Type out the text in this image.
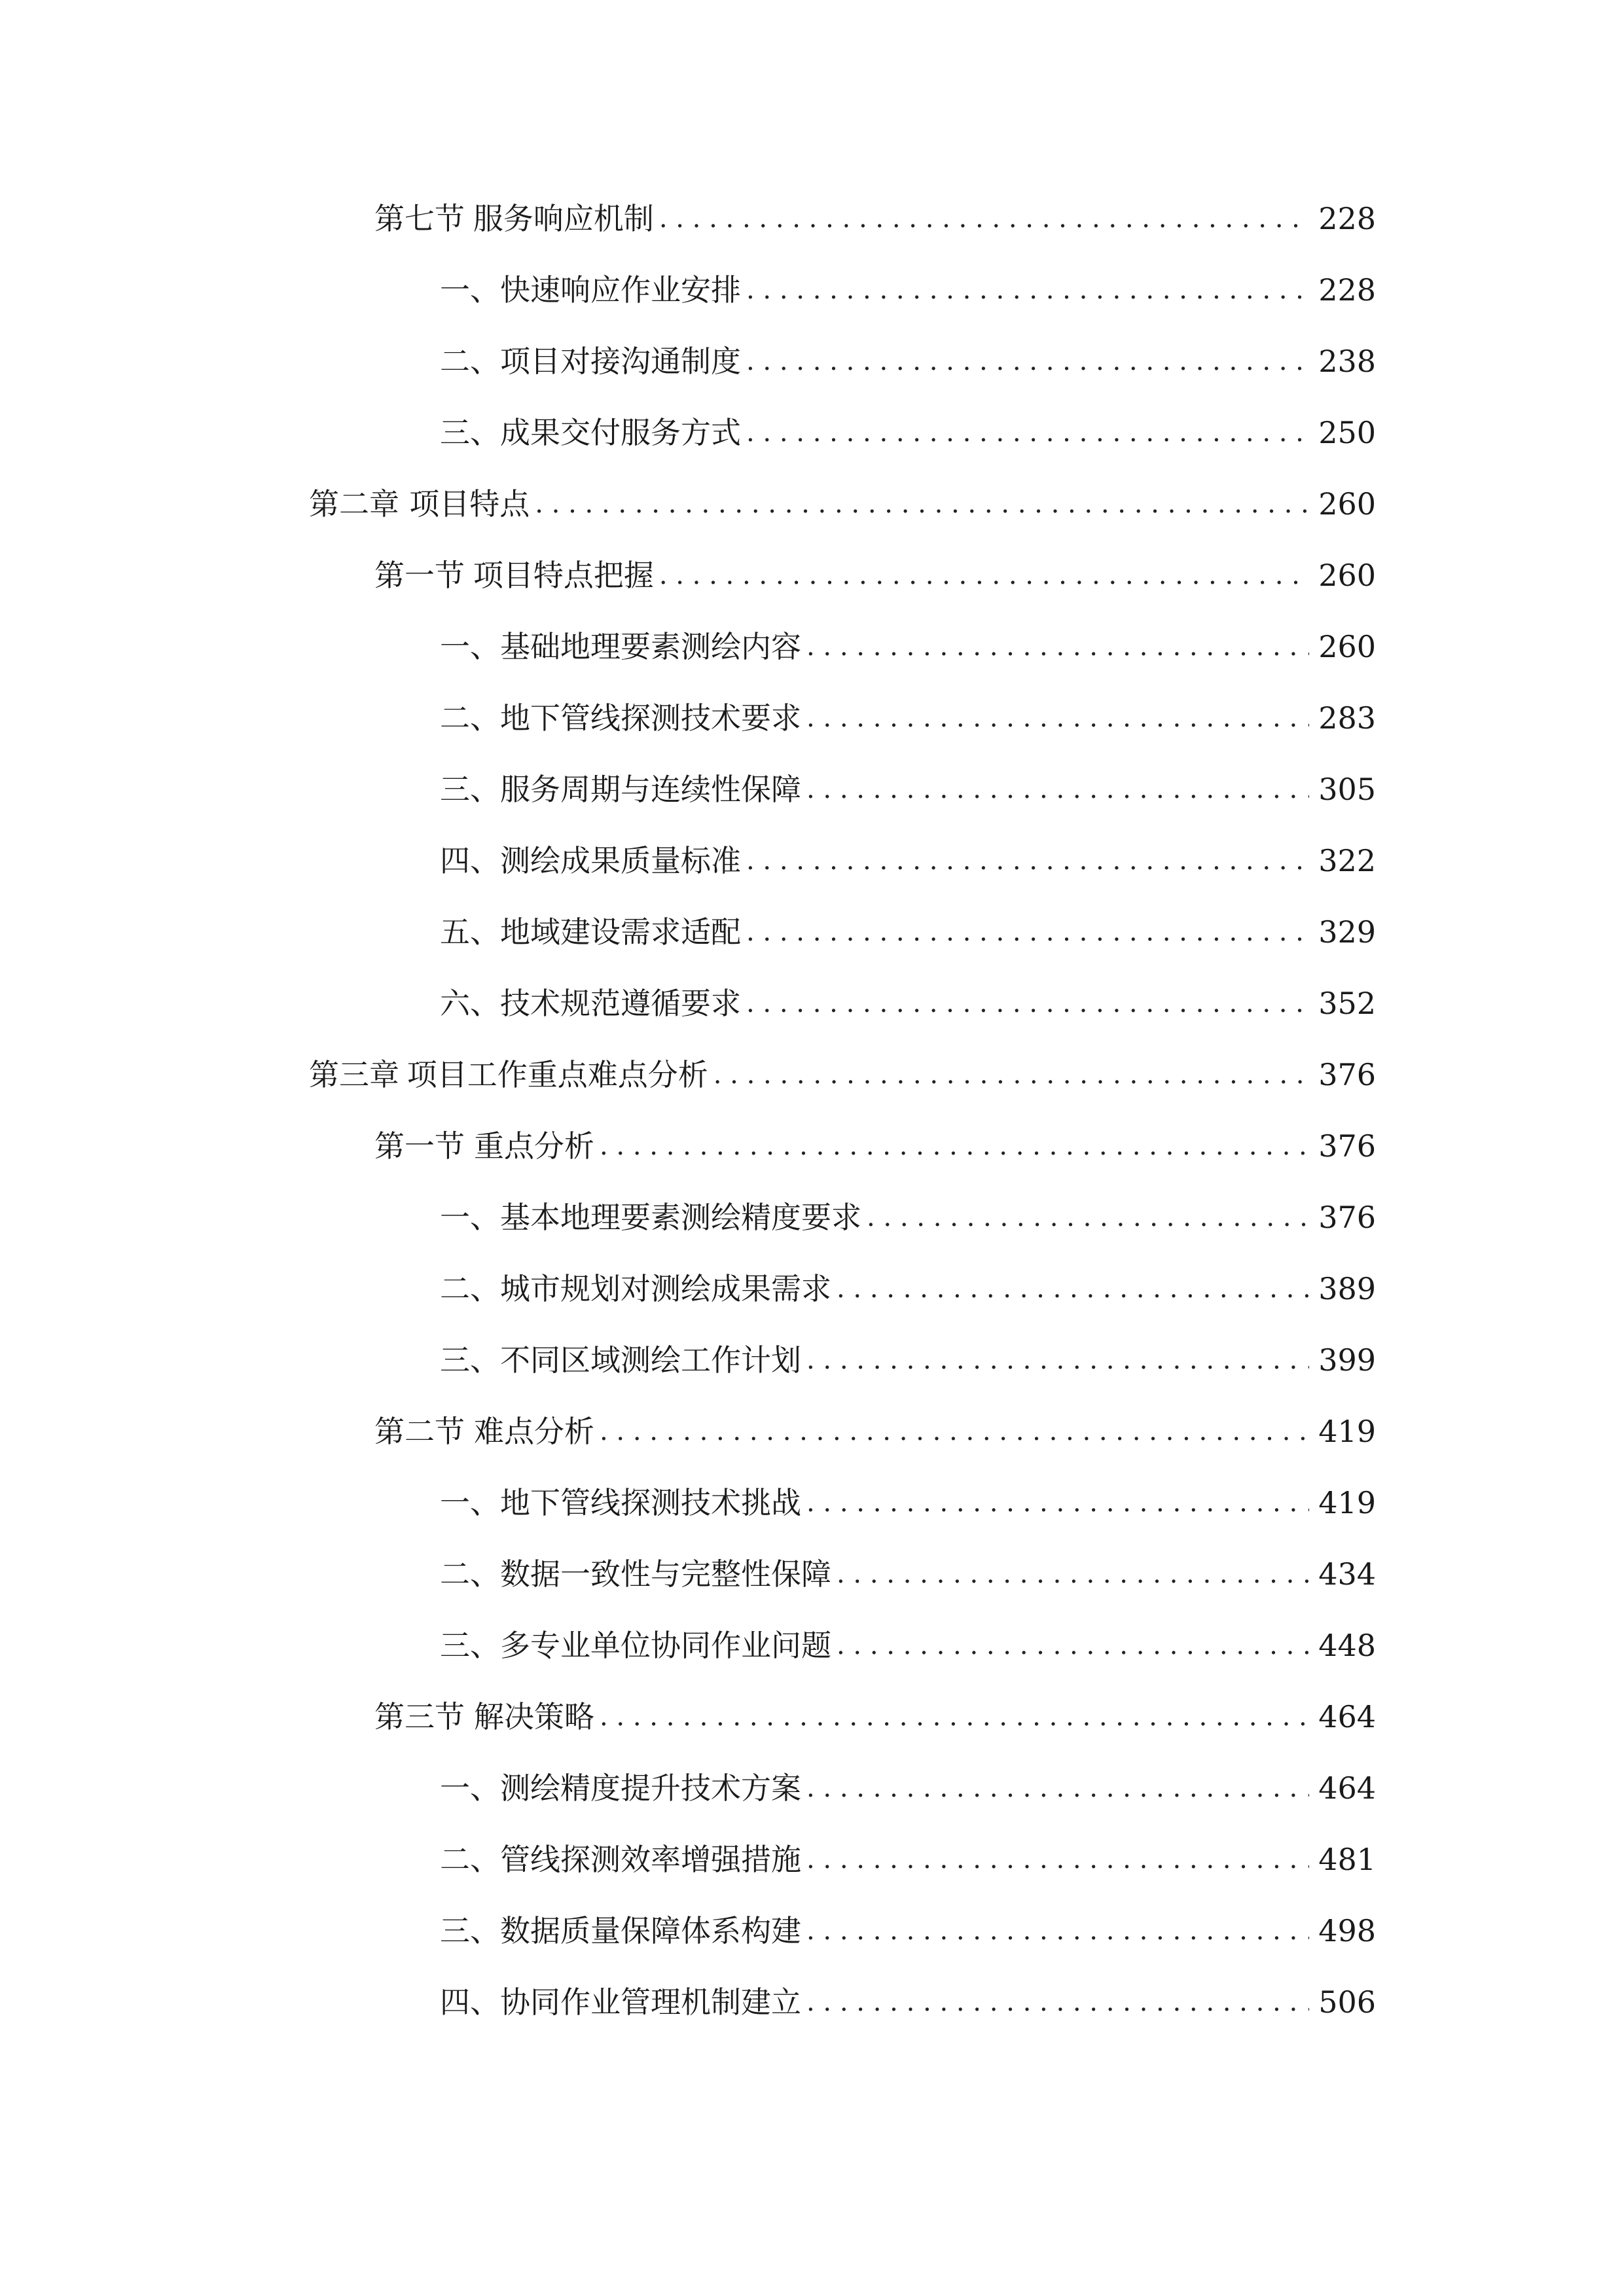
第七节 服务响应机制 . . .	228
一、 快速响应作业安排 . . .	228
二、 项目对接沟通制度 . . .	238
三、 成果交付服务方式 . . .	250
第二章 项目特点 . . .	260
第一节 项目特点把握 . . .	260
一、 基础地理要素测绘内容 . . .	260
二、 地下管线探测技术要求 . . .	283
三、 服务周期与连续性保障 . . .	305
四、 测绘成果质量标准 . . .	322
五、 地域建设需求适配 . . .	329
六、 技术规范遵循要求 . . .	352
第三章 项目工作重点难点分析 . . .	376
第一节 重点分析 . . .	376
一、 基本地理要素测绘精度要求 . . .	376
二、 城市规划对测绘成果需求 . . .	389
三、 不同区域测绘工作计划 . . .	399
第二节 难点分析 . . .	419
一、 地下管线探测技术挑战 . . .	419
二、 数据一致性与完整性保障 . . .	434
三、 多专业单位协同作业问题 . . .	448
第三节 解决策略 . . .	464
一、 测绘精度提升技术方案 . . .	464
二、 管线探测效率增强措施 . . .	481
三、 数据质量保障体系构建 . . .	498
四、 协同作业管理机制建立 . . .	506
